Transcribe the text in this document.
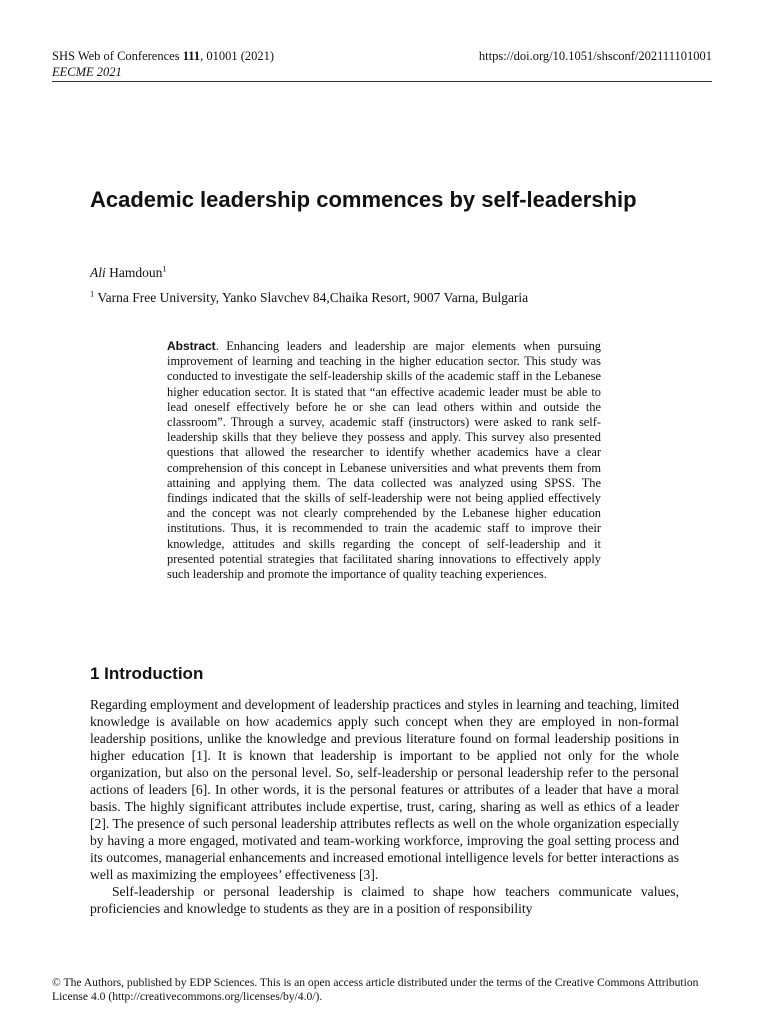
SHS Web of Conferences 111, 01001 (2021)	https://doi.org/10.1051/shsconf/202111101001
EECME 2021
Academic leadership commences by self-leadership
Ali Hamdoun$^1$
$^1$ Varna Free University, Yanko Slavchev 84,Chaika Resort, 9007 Varna, Bulgaria

Abstract. Enhancing leaders and leadership are major elements when pursuing improvement of learning and teaching in the higher education sector. This study was conducted to investigate the self-leadership skills of the academic staff in the Lebanese higher education sector. It is stated that “an effective academic leader must be able to lead oneself effectively before he or she can lead others within and outside the classroom”. Through a survey, academic staff (instructors) were asked to rank self-leadership skills that they believe they possess and apply. This survey also presented questions that allowed the researcher to identify whether academics have a clear comprehension of this concept in Lebanese universities and what prevents them from attaining and applying them. The data collected was analyzed using SPSS. The findings indicated that the skills of self-leadership were not being applied effectively and the concept was not clearly comprehended by the Lebanese higher education institutions. Thus, it is recommended to train the academic staff to improve their knowledge, attitudes and skills regarding the concept of self-leadership and it presented potential strategies that facilitated sharing innovations to effectively apply such leadership and promote the importance of quality teaching experiences.

1 Introduction

Regarding employment and development of leadership practices and styles in learning and teaching, limited knowledge is available on how academics apply such concept when they are employed in non-formal leadership positions, unlike the knowledge and previous literature found on formal leadership positions in higher education [1]. It is known that leadership is important to be applied not only for the whole organization, but also on the personal level. So, self-leadership or personal leadership refer to the personal actions of leaders [6]. In other words, it is the personal features or attributes of a leader that have a moral basis. The highly significant attributes include expertise, trust, caring, sharing as well as ethics of a leader [2]. The presence of such personal leadership attributes reflects as well on the whole organization especially by having a more engaged, motivated and team-working workforce, improving the goal setting process and its outcomes, managerial enhancements and increased emotional intelligence levels for better interactions as well as maximizing the employees’ effectiveness [3].

Self-leadership or personal leadership is claimed to shape how teachers communicate values, proficiencies and knowledge to students as they are in a position of responsibility

© The Authors, published by EDP Sciences. This is an open access article distributed under the terms of the Creative Commons Attribution License 4.0 (http://creativecommons.org/licenses/by/4.0/).
